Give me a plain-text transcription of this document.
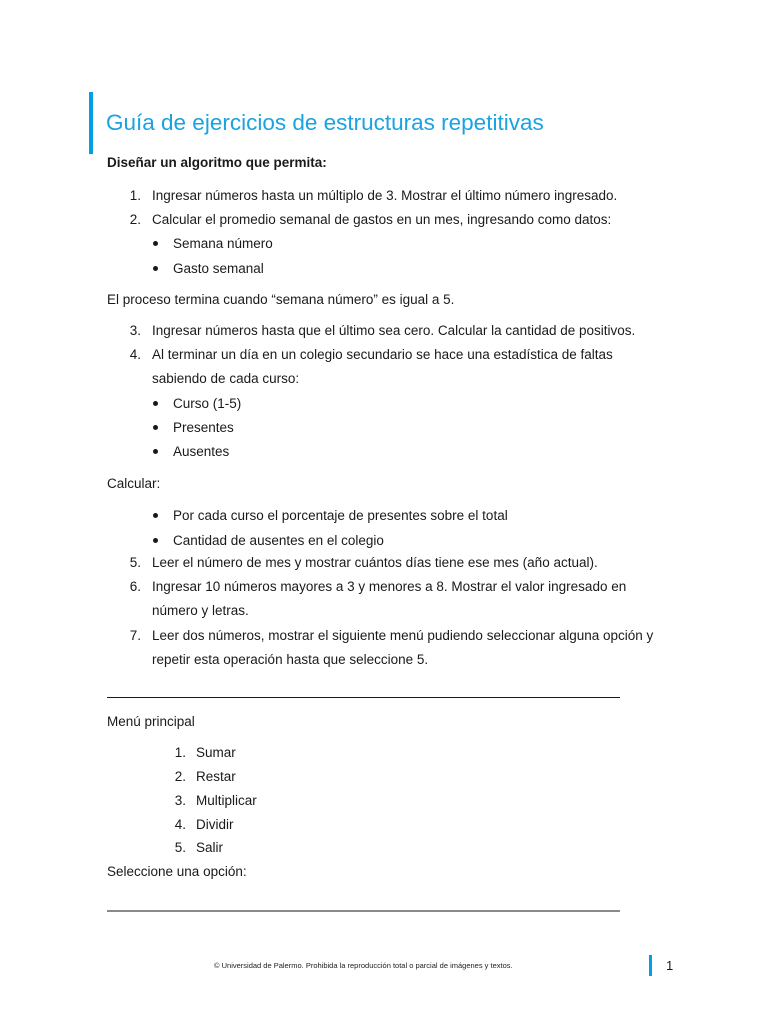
Guía de ejercicios de estructuras repetitivas

Diseñar un algoritmo que permita:

1. Ingresar números hasta un múltiplo de 3. Mostrar el último número ingresado.
2. Calcular el promedio semanal de gastos en un mes, ingresando como datos:
Semana número
Gasto semanal
El proceso termina cuando “semana número” es igual a 5.
3. Ingresar números hasta que el último sea cero. Calcular la cantidad de positivos.
4. Al terminar un día en un colegio secundario se hace una estadística de faltas
sabiendo de cada curso:
Curso (1-5)
Presentes
Ausentes
Calcular:
Por cada curso el porcentaje de presentes sobre el total
Cantidad de ausentes en el colegio
5. Leer el número de mes y mostrar cuántos días tiene ese mes (año actual).
6. Ingresar 10 números mayores a 3 y menores a 8. Mostrar el valor ingresado en
número y letras.
7. Leer dos números, mostrar el siguiente menú pudiendo seleccionar alguna opción y
repetir esta operación hasta que seleccione 5.
Menú principal
1. Sumar
2. Restar
3. Multiplicar
4. Dividir
5. Salir
Seleccione una opción:
© Universidad de Palermo. Prohibida la reproducción total o parcial de imágenes y textos.	1
